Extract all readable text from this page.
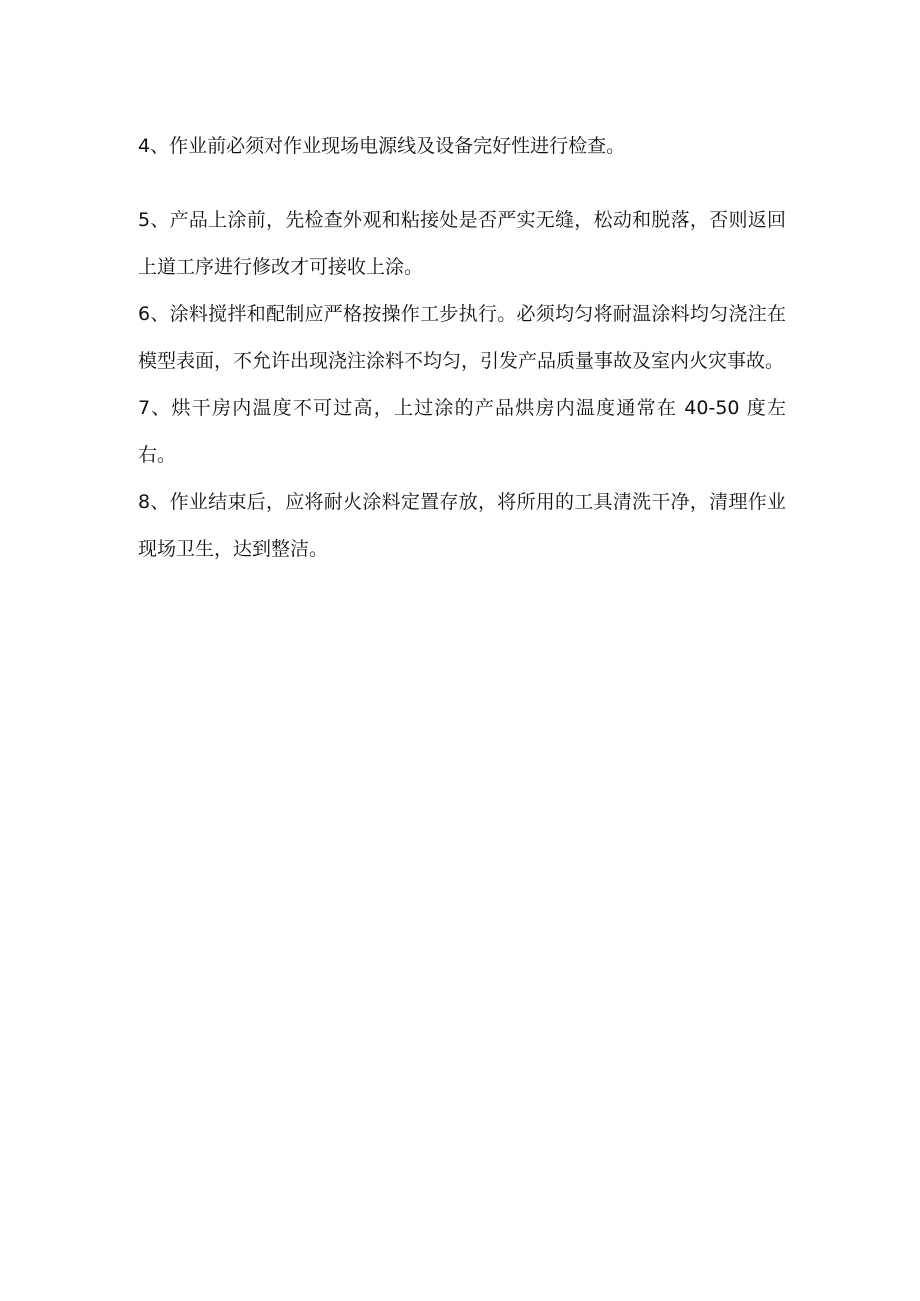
4、作业前必须对作业现场电源线及设备完好性进行检查。

5、产品上涂前，先检查外观和粘接处是否严实无缝，松动和脱落，否则返回上道工序进行修改才可接收上涂。

6、涂料搅拌和配制应严格按操作工步执行。必须均匀将耐温涂料均匀浇注在模型表面，不允许出现浇注涂料不均匀，引发产品质量事故及室内火灾事故。

7、烘干房内温度不可过高，上过涂的产品烘房内温度通常在 40-50 度左右。

8、作业结束后，应将耐火涂料定置存放，将所用的工具清洗干净，清理作业现场卫生，达到整洁。
